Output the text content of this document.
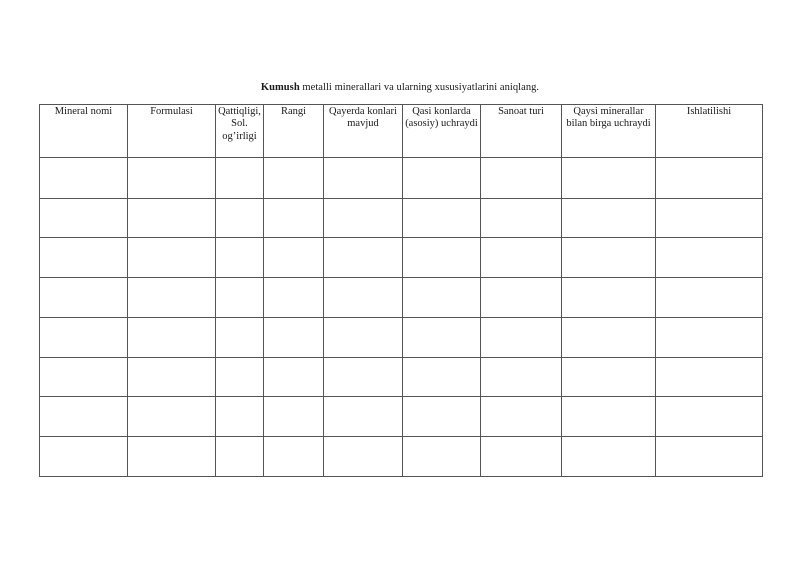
Kumush metalli minerallari va ularning xususiyatlarini aniqlang.
Mineral nomi	Formulasi	Qattiqligi, Sol. og’irligi	Rangi	Qayerda konlari mavjud	Qasi konlarda (asosiy) uchraydi	Sanoat turi	Qaysi minerallar bilan birga uchraydi	Ishlatilishi
